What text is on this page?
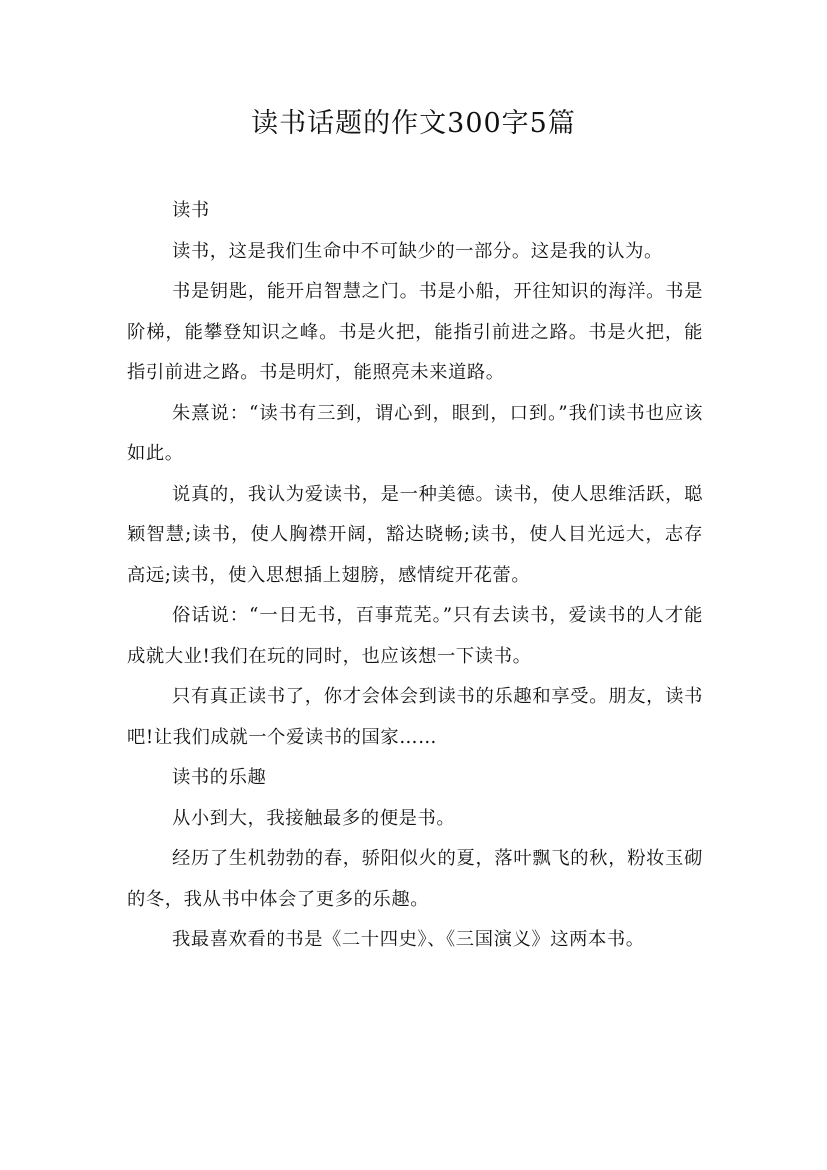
读书话题的作文300字5篇

读书

读书，这是我们生命中不可缺少的一部分。这是我的认为。

书是钥匙，能开启智慧之门。书是小船，开往知识的海洋。书是阶梯，能攀登知识之峰。书是火把，能指引前进之路。书是火把，能指引前进之路。书是明灯，能照亮未来道路。

朱熹说：“读书有三到，谓心到，眼到，口到。”我们读书也应该如此。

说真的，我认为爱读书，是一种美德。读书，使人思维活跃，聪颖智慧;读书，使人胸襟开阔，豁达晓畅;读书，使人目光远大，志存高远;读书，使入思想插上翅膀，感情绽开花蕾。

俗话说：“一日无书，百事荒芜。”只有去读书，爱读书的人才能成就大业!我们在玩的同时，也应该想一下读书。

只有真正读书了，你才会体会到读书的乐趣和享受。朋友，读书吧!让我们成就一个爱读书的国家……

读书的乐趣

从小到大，我接触最多的便是书。

经历了生机勃勃的春，骄阳似火的夏，落叶飘飞的秋，粉妆玉砌的冬，我从书中体会了更多的乐趣。

我最喜欢看的书是《二十四史》、《三国演义》这两本书。
